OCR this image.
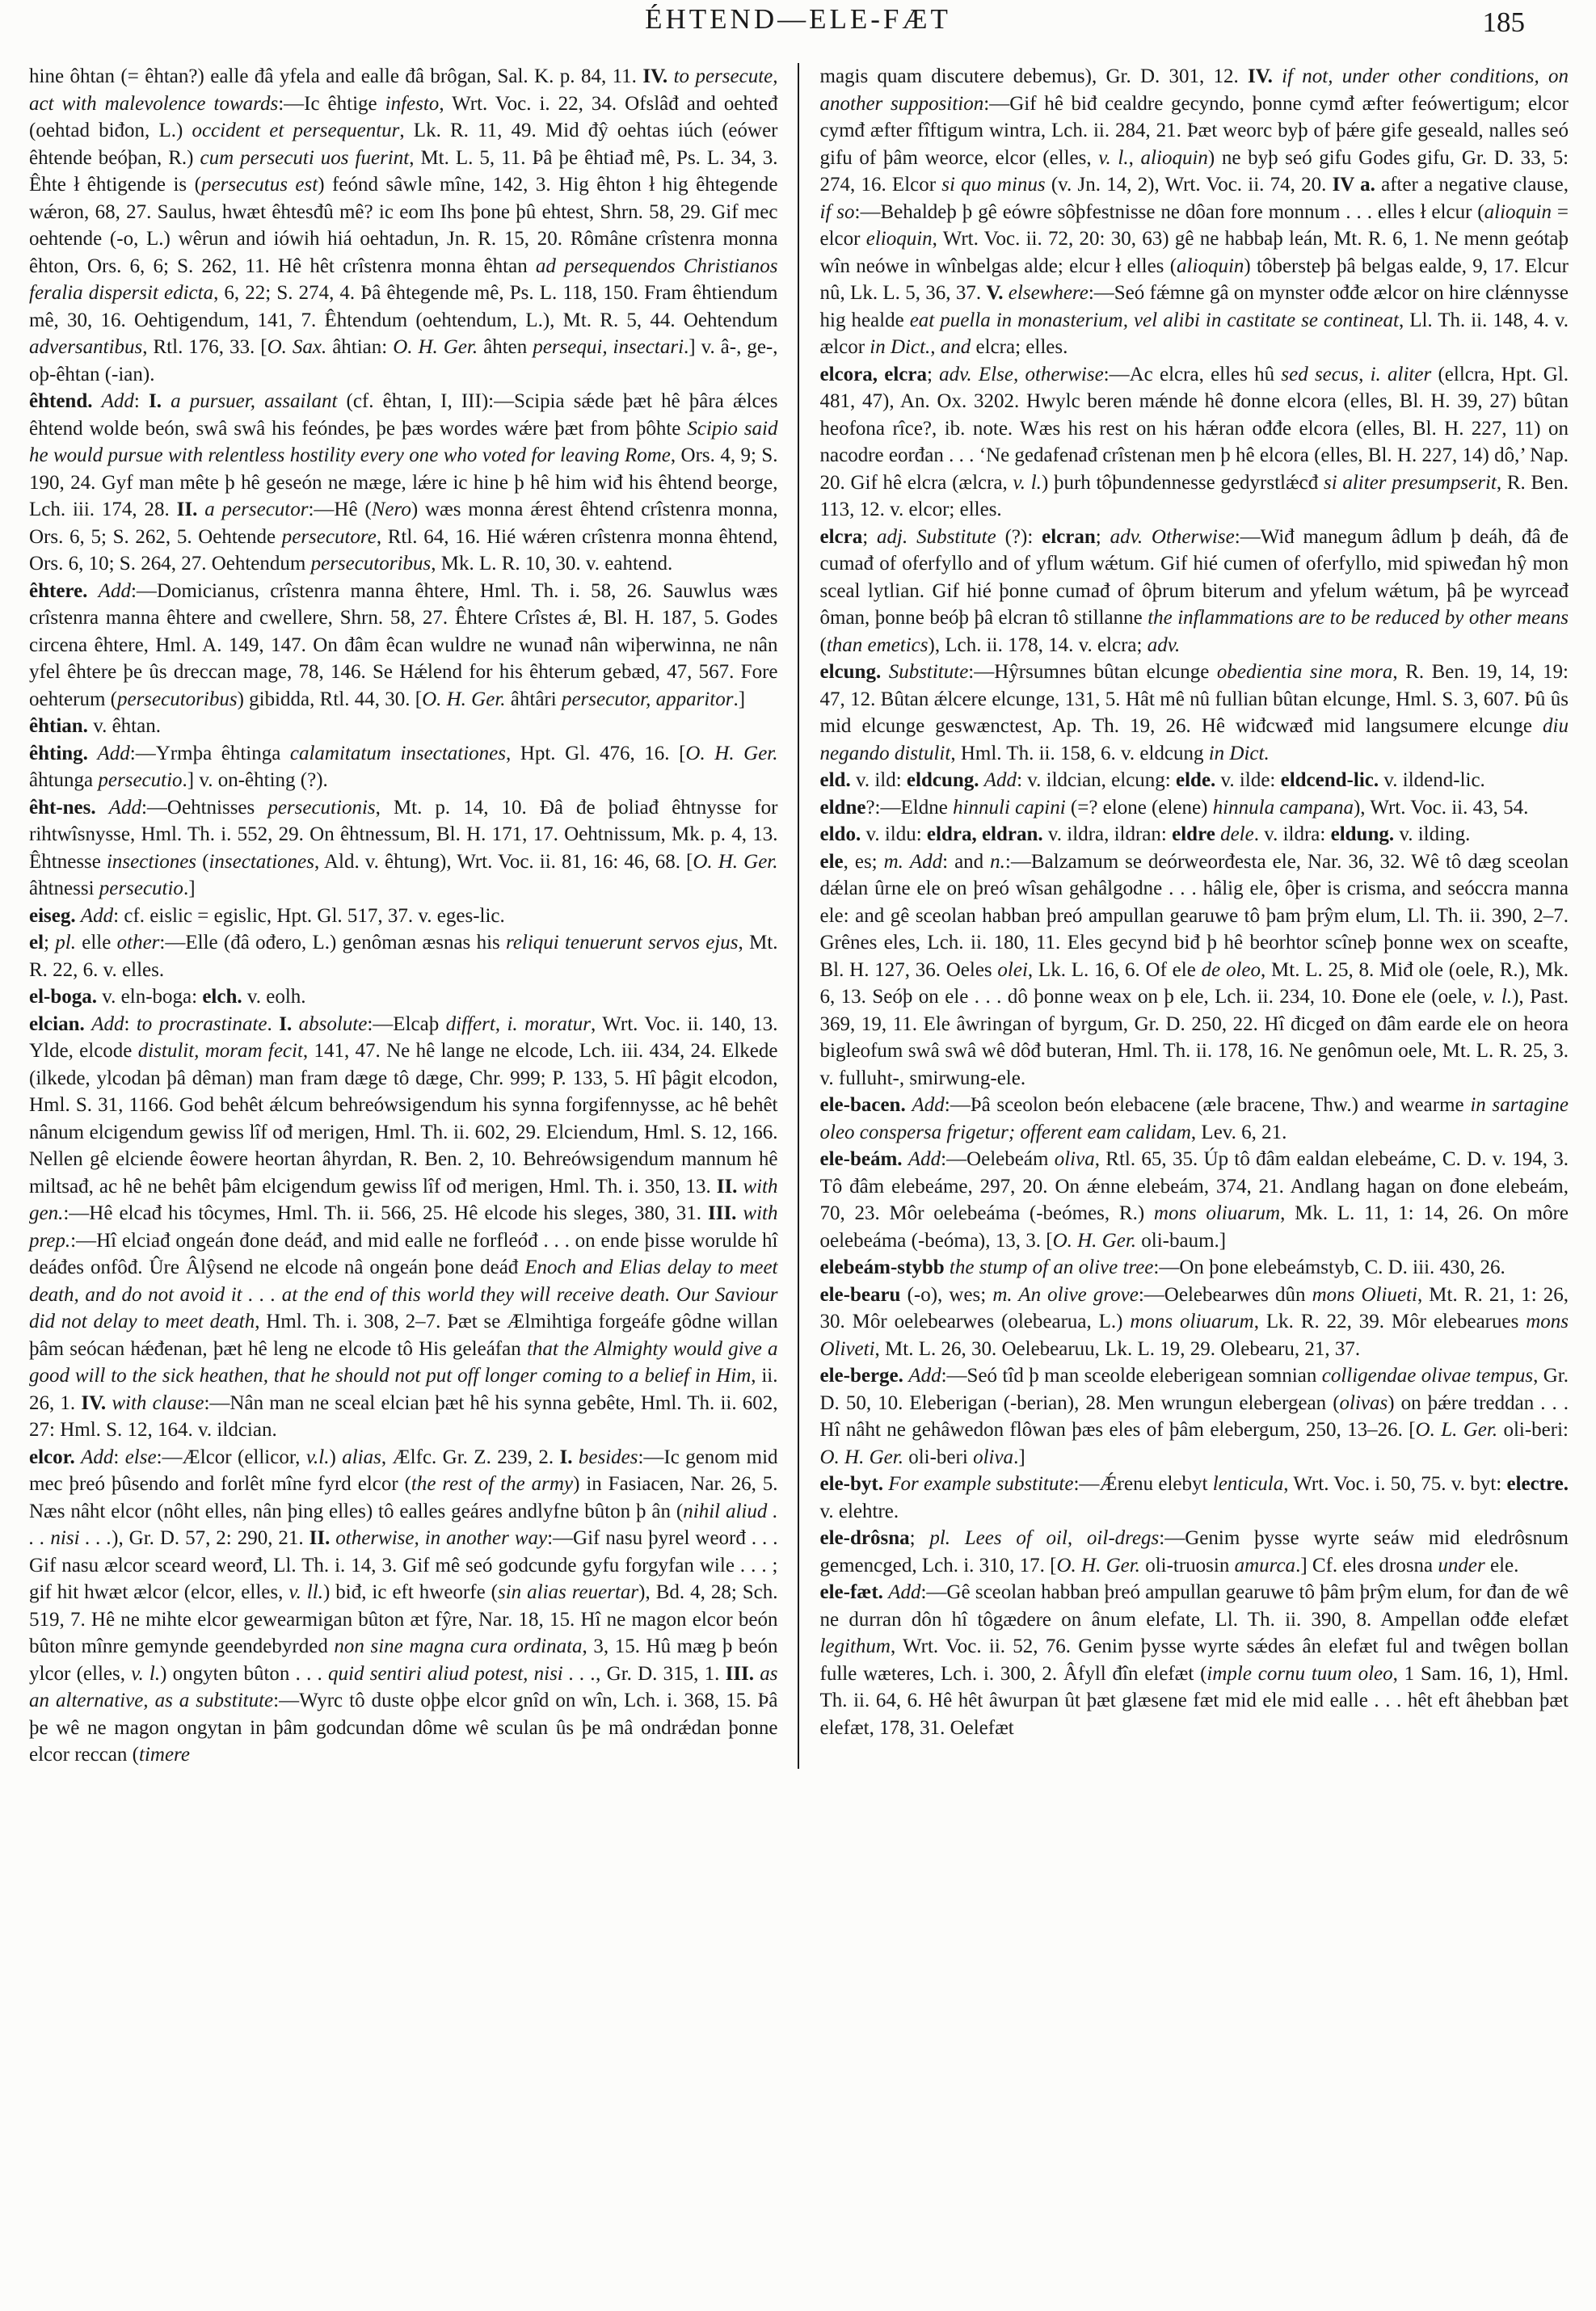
ÉHTEND—ELE-FÆT	185

hine ôhtan (= êhtan?) ealle đâ yfela and ealle đâ brôgan, Sal. K. p. 84, 11. IV. to persecute, act with malevolence towards:—Ic êhtige infesto, Wrt. Voc. i. 22, 34. Ofslâđ and oehteđ (oehtad biđon, L.) occident et persequentur, Lk. R. 11, 49. Mid đŷ oehtas iúch (eówer êhtende beóþan, R.) cum persecuti uos fuerint, Mt. L. 5, 11. Þâ þe êhtiađ mê, Ps. L. 34, 3. Êhte ł êhtigende is (persecutus est) feónd sâwle mîne, 142, 3. Hig êhton ł hig êhtegende wǽron, 68, 27. Saulus, hwæt êhtesđû mê? ic eom Ihs þone þû ehtest, Shrn. 58, 29. Gif mec oehtende (-o, L.) wêrun and iówih hiá oehtadun, Jn. R. 15, 20. Rômâne crîstenra monna êhton, Ors. 6, 6; S. 262, 11. Hê hêt crîstenra monna êhtan ad persequendos Christianos feralia dispersit edicta, 6, 22; S. 274, 4. Þâ êhtegende mê, Ps. L. 118, 150. Fram êhtiendum mê, 30, 16. Oehtigendum, 141, 7. Êhtendum (oehtendum, L.), Mt. R. 5, 44. Oehtendum adversantibus, Rtl. 176, 33. [O. Sax. âhtian: O. H. Ger. âhten persequi, insectari.] v. â-, ge-, oþ-êhtan (-ian).

êhtend. Add: I. a pursuer, assailant (cf. êhtan, I, III):—Scipia sǽde þæt hê þâra ǽlces êhtend wolde beón, swâ swâ his feóndes, þe þæs wordes wǽre þæt from þôhte Scipio said he would pursue with relentless hostility every one who voted for leaving Rome, Ors. 4, 9; S. 190, 24. Gyf man mête þ hê geseón ne mæge, lǽre ic hine þ hê him wiđ his êhtend beorge, Lch. iii. 174, 28. II. a persecutor:—Hê (Nero) wæs monna ǽrest êhtend crîstenra monna, Ors. 6, 5; S. 262, 5. Oehtende persecutore, Rtl. 64, 16. Hié wǽren crîstenra monna êhtend, Ors. 6, 10; S. 264, 27. Oehtendum persecutoribus, Mk. L. R. 10, 30. v. eahtend.

êhtere. Add:—Domicianus, crîstenra manna êhtere, Hml. Th. i. 58, 26. Sauwlus wæs crîstenra manna êhtere and cwellere, Shrn. 58, 27. Êhtere Crîstes ǽ, Bl. H. 187, 5. Godes circena êhtere, Hml. A. 149, 147. On đâm êcan wuldre ne wunađ nân wiþerwinna, ne nân yfel êhtere þe ûs dreccan mage, 78, 146. Se Hǽlend for his êhterum gebæd, 47, 567. Fore oehterum (persecutoribus) gibidda, Rtl. 44, 30. [O. H. Ger. âhtâri persecutor, apparitor.]

êhtian. v. êhtan.

êhting. Add:—Yrmþa êhtinga calamitatum insectationes, Hpt. Gl. 476, 16. [O. H. Ger. âhtunga persecutio.] v. on-êhting (?).

êht-nes. Add:—Oehtnisses persecutionis, Mt. p. 14, 10. Đâ đe þoliađ êhtnysse for rihtwîsnysse, Hml. Th. i. 552, 29. On êhtnessum, Bl. H. 171, 17. Oehtnissum, Mk. p. 4, 13. Êhtnesse insectiones (insectationes, Ald. v. êhtung), Wrt. Voc. ii. 81, 16: 46, 68. [O. H. Ger. âhtnessi persecutio.]

eiseg. Add: cf. eislic = egislic, Hpt. Gl. 517, 37. v. eges-lic.

el; pl. elle other:—Elle (đâ ođero, L.) genôman æsnas his reliqui tenuerunt servos ejus, Mt. R. 22, 6. v. elles.

el-boga. v. eln-boga: elch. v. eolh.

elcian. Add: to procrastinate. I. absolute:—Elcaþ differt, i. moratur, Wrt. Voc. ii. 140, 13. Ylde, elcode distulit, moram fecit, 141, 47. Ne hê lange ne elcode, Lch. iii. 434, 24. Elkede (ilkede, ylcodan þâ dêman) man fram dæge tô dæge, Chr. 999; P. 133, 5. Hî þâgit elcodon, Hml. S. 31, 1166. God behêt ǽlcum behreówsigendum his synna forgifennysse, ac hê behêt nânum elcigendum gewiss lîf ođ merigen, Hml. Th. ii. 602, 29. Elciendum, Hml. S. 12, 166. Nellen gê elciende êowere heortan âhyrdan, R. Ben. 2, 10. Behreówsigendum mannum hê miltsađ, ac hê ne behêt þâm elcigendum gewiss lîf ođ merigen, Hml. Th. i. 350, 13. II. with gen.:—Hê elcađ his tôcymes, Hml. Th. ii. 566, 25. Hê elcode his sleges, 380, 31. III. with prep.:—Hî elciađ ongeán đone deáđ, and mid ealle ne forfleóđ . . . on ende þisse worulde hî deáđes onfôđ. Ûre Âlŷsend ne elcode nâ ongeán þone deáđ Enoch and Elias delay to meet death, and do not avoid it . . . at the end of this world they will receive death. Our Saviour did not delay to meet death, Hml. Th. i. 308, 2–7. Þæt se Ælmihtiga forgeáfe gôdne willan þâm seócan hǽđenan, þæt hê leng ne elcode tô His geleáfan that the Almighty would give a good will to the sick heathen, that he should not put off longer coming to a belief in Him, ii. 26, 1. IV. with clause:—Nân man ne sceal elcian þæt hê his synna gebête, Hml. Th. ii. 602, 27: Hml. S. 12, 164. v. ildcian.

elcor. Add: else:—Ælcor (ellicor, v.l.) alias, Ælfc. Gr. Z. 239, 2. I. besides:—Ic genom mid mec þreó þûsendo and forlêt mîne fyrd elcor (the rest of the army) in Fasiacen, Nar. 26, 5. Næs nâht elcor (nôht elles, nân þing elles) tô ealles geáres andlyfne bûton þ ân (nihil aliud . . . nisi . . .), Gr. D. 57, 2: 290, 21. II. otherwise, in another way:—Gif nasu þyrel weorđ . . . Gif nasu ælcor sceard weorđ, Ll. Th. i. 14, 3. Gif mê seó godcunde gyfu forgyfan wile . . . ; gif hit hwæt ælcor (elcor, elles, v. ll.) biđ, ic eft hweorfe (sin alias reuertar), Bd. 4, 28; Sch. 519, 7. Hê ne mihte elcor gewearmigan bûton æt fŷre, Nar. 18, 15. Hî ne magon elcor beón bûton mînre gemynde geendebyrded non sine magna cura ordinata, 3, 15. Hû mæg þ beón ylcor (elles, v. l.) ongyten bûton . . . quid sentiri aliud potest, nisi . . ., Gr. D. 315, 1. III. as an alternative, as a substitute:—Wyrc tô duste oþþe elcor gnîd on wîn, Lch. i. 368, 15. Þâ þe wê ne magon ongytan in þâm godcundan dôme wê sculan ûs þe mâ ondrǽdan þonne elcor reccan (timere

magis quam discutere debemus), Gr. D. 301, 12. IV. if not, under other conditions, on another supposition:—Gif hê biđ cealdre gecyndo, þonne cymđ æfter feówertigum; elcor cymđ æfter fîftigum wintra, Lch. ii. 284, 21. Þæt weorc byþ of þǽre gife geseald, nalles seó gifu of þâm weorce, elcor (elles, v. l., alioquin) ne byþ seó gifu Godes gifu, Gr. D. 33, 5: 274, 16. Elcor si quo minus (v. Jn. 14, 2), Wrt. Voc. ii. 74, 20. IV a. after a negative clause, if so:—Behaldeþ þ gê eówre sôþfestnisse ne dôan fore monnum . . . elles ł elcur (alioquin = elcor elioquin, Wrt. Voc. ii. 72, 20: 30, 63) gê ne habbaþ leán, Mt. R. 6, 1. Ne menn geótaþ wîn neówe in wînbelgas alde; elcur ł elles (alioquin) tôbersteþ þâ belgas ealde, 9, 17. Elcur nû, Lk. L. 5, 36, 37. V. elsewhere:—Seó fǽmne gâ on mynster ođđe ælcor on hire clǽnnysse hig healde eat puella in monasterium, vel alibi in castitate se contineat, Ll. Th. ii. 148, 4. v. ælcor in Dict., and elcra; elles.

elcora, elcra; adv. Else, otherwise:—Ac elcra, elles hû sed secus, i. aliter (ellcra, Hpt. Gl. 481, 47), An. Ox. 3202. Hwylc beren mǽnde hê đonne elcora (elles, Bl. H. 39, 27) bûtan heofona rîce?, ib. note. Wæs his rest on his hǽran ođđe elcora (elles, Bl. H. 227, 11) on nacodre eorđan . . . ‘Ne gedafenađ crîstenan men þ hê elcora (elles, Bl. H. 227, 14) dô,’ Nap. 20. Gif hê elcra (ælcra, v. l.) þurh tôþundennesse gedyrstlǽcđ si aliter presumpserit, R. Ben. 113, 12. v. elcor; elles.

elcra; adj. Substitute (?): elcran; adv. Otherwise:—Wiđ manegum âdlum þ deáh, đâ đe cumađ of oferfyllo and of yflum wǽtum. Gif hié cumen of oferfyllo, mid spiweđan hŷ mon sceal lytlian. Gif hié þonne cumađ of ôþrum biterum and yfelum wǽtum, þâ þe wyrceađ ôman, þonne beóþ þâ elcran tô stillanne the inflammations are to be reduced by other means (than emetics), Lch. ii. 178, 14. v. elcra; adv.

elcung. Substitute:—Hŷrsumnes bûtan elcunge obedientia sine mora, R. Ben. 19, 14, 19: 47, 12. Bûtan ǽlcere elcunge, 131, 5. Hât mê nû fullian bûtan elcunge, Hml. S. 3, 607. Þû ûs mid elcunge geswænctest, Ap. Th. 19, 26. Hê wiđcwæđ mid langsumere elcunge diu negando distulit, Hml. Th. ii. 158, 6. v. eldcung in Dict.

eld. v. ild: eldcung. Add: v. ildcian, elcung: elde. v. ilde: eldcend-lic. v. ildend-lic.

eldne?:—Eldne hinnuli capini (=? elone (elene) hinnula campana), Wrt. Voc. ii. 43, 54.

eldo. v. ildu: eldra, eldran. v. ildra, ildran: eldre dele. v. ildra: eldung. v. ilding.

ele, es; m. Add: and n.:—Balzamum se deórweorđesta ele, Nar. 36, 32. Wê tô dæg sceolan dǽlan ûrne ele on þreó wîsan gehâlgodne . . . hâlig ele, ôþer is crisma, and seóccra manna ele: and gê sceolan habban þreó ampullan gearuwe tô þam þrŷm elum, Ll. Th. ii. 390, 2–7. Grênes eles, Lch. ii. 180, 11. Eles gecynd biđ þ hê beorhtor scîneþ þonne wex on sceafte, Bl. H. 127, 36. Oeles olei, Lk. L. 16, 6. Of ele de oleo, Mt. L. 25, 8. Miđ ole (oele, R.), Mk. 6, 13. Seóþ on ele . . . dô þonne weax on þ ele, Lch. ii. 234, 10. Đone ele (oele, v. l.), Past. 369, 19, 11. Ele âwringan of byrgum, Gr. D. 250, 22. Hî đicgeđ on đâm earde ele on heora bigleofum swâ swâ wê dôđ buteran, Hml. Th. ii. 178, 16. Ne genômun oele, Mt. L. R. 25, 3. v. fulluht-, smirwung-ele.

ele-bacen. Add:—Þâ sceolon beón elebacene (æle bracene, Thw.) and wearme in sartagine oleo conspersa frigetur; offerent eam calidam, Lev. 6, 21.

ele-beám. Add:—Oelebeám oliva, Rtl. 65, 35. Úp tô đâm ealdan elebeáme, C. D. v. 194, 3. Tô đâm elebeáme, 297, 20. On ǽnne elebeám, 374, 21. Andlang hagan on đone elebeám, 70, 23. Môr oelebeáma (-beómes, R.) mons oliuarum, Mk. L. 11, 1: 14, 26. On môre oelebeáma (-beóma), 13, 3. [O. H. Ger. oli-baum.]

elebeám-stybb the stump of an olive tree:—On þone elebeámstyb, C. D. iii. 430, 26.

ele-bearu (-o), wes; m. An olive grove:—Oelebearwes dûn mons Oliueti, Mt. R. 21, 1: 26, 30. Môr oelebearwes (olebearua, L.) mons oliuarum, Lk. R. 22, 39. Môr elebearues mons Oliveti, Mt. L. 26, 30. Oelebearuu, Lk. L. 19, 29. Olebearu, 21, 37.

ele-berge. Add:—Seó tîd þ man sceolde eleberigean somnian colligendae olivae tempus, Gr. D. 50, 10. Eleberigan (-berian), 28. Men wrungun elebergean (olivas) on þǽre treddan . . . Hî nâht ne gehâwedon flôwan þæs eles of þâm elebergum, 250, 13–26. [O. L. Ger. oli-beri: O. H. Ger. oli-beri oliva.]

ele-byt. For example substitute:—Ǽrenu elebyt lenticula, Wrt. Voc. i. 50, 75. v. byt: electre. v. elehtre.

ele-drôsna; pl. Lees of oil, oil-dregs:—Genim þysse wyrte seáw mid eledrôsnum gemencged, Lch. i. 310, 17. [O. H. Ger. oli-truosin amurca.] Cf. eles drosna under ele.

ele-fæt. Add:—Gê sceolan habban þreó ampullan gearuwe tô þâm þrŷm elum, for đan đe wê ne durran dôn hî tôgædere on ânum elefate, Ll. Th. ii. 390, 8. Ampellan ođđe elefæt legithum, Wrt. Voc. ii. 52, 76. Genim þysse wyrte sǽdes ân elefæt ful and twêgen bollan fulle wæteres, Lch. i. 300, 2. Âfyll đîn elefæt (imple cornu tuum oleo, 1 Sam. 16, 1), Hml. Th. ii. 64, 6. Hê hêt âwurpan ût þæt glæsene fæt mid ele mid ealle . . . hêt eft âhebban þæt elefæt, 178, 31. Oelefæt
